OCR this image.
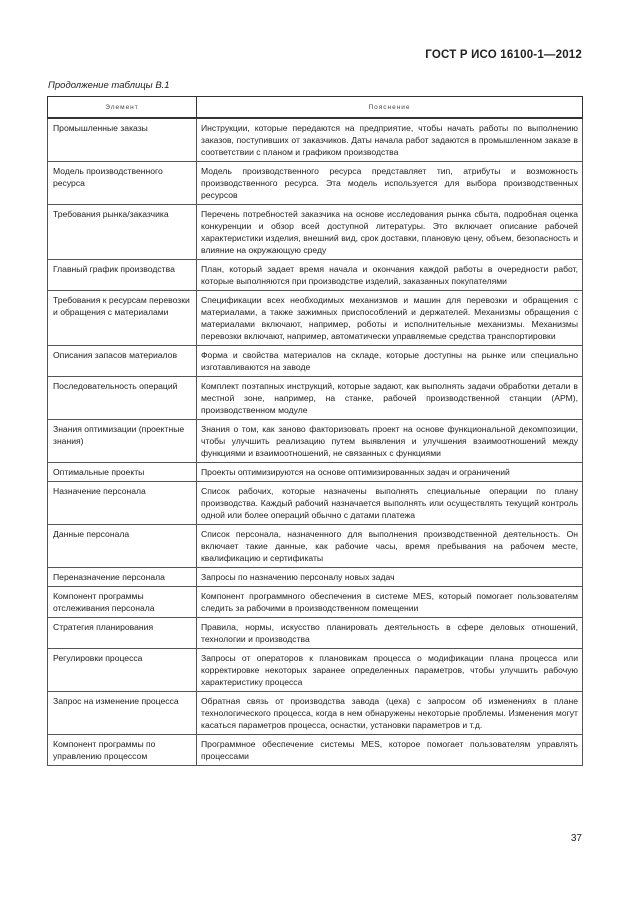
ГОСТ Р ИСО 16100-1—2012
Продолжение таблицы В.1
Элемент	Пояснение
Промышленные заказы	Инструкции, которые передаются на предприятие, чтобы начать работы по выполнению заказов, поступивших от заказчиков. Даты начала работ задаются в промышленном заказе в соответствии с планом и графиком производства
Модель производственного ресурса	Модель производственного ресурса представляет тип, атрибуты и возможность производственного ресурса. Эта модель используется для выбора производственных ресурсов
Требования рынка/заказчика	Перечень потребностей заказчика на основе исследования рынка сбыта, подробная оценка конкуренции и обзор всей доступной литературы. Это включает описание рабочей характеристики изделия, внешний вид, срок доставки, плановую цену, объем, безопасность и влияние на окружающую среду
Главный график производства	План, который задает время начала и окончания каждой работы в очередности работ, которые выполняются при производстве изделий, заказанных покупателями
Требования к ресурсам перевозки и обращения с материалами	Спецификации всех необходимых механизмов и машин для перевозки и обращения с материалами, а также зажимных приспособлений и держателей. Механизмы обращения с материалами включают, например, роботы и исполнительные механизмы. Механизмы перевозки включают, например, автоматически управляемые средства транспортировки
Описания запасов материалов	Форма и свойства материалов на складе, которые доступны на рынке или специально изготавливаются на заводе
Последовательность операций	Комплект поэтапных инструкций, которые задают, как выполнять задачи обработки детали в местной зоне, например, на станке, рабочей производственной станции (АРМ), производственном модуле
Знания оптимизации (проектные знания)	Знания о том, как заново факторизовать проект на основе функциональной декомпозиции, чтобы улучшить реализацию путем выявления и улучшения взаимоотношений между функциями и взаимоотношений, не связанных с функциями
Оптимальные проекты	Проекты оптимизируются на основе оптимизированных задач и ограничений
Назначение персонала	Список рабочих, которые назначены выполнять специальные операции по плану производства. Каждый рабочий назначается выполнять или осуществлять текущий контроль одной или более операций обычно с датами платежа
Данные персонала	Список персонала, назначенного для выполнения производственной деятельность. Он включает такие данные, как рабочие часы, время пребывания на рабочем месте, квалификацию и сертификаты
Переназначение персонала	Запросы по назначению персоналу новых задач
Компонент программы отслеживания персонала	Компонент программного обеспечения в системе MES, который помогает пользователям следить за рабочими в производственном помещении
Стратегия планирования	Правила, нормы, искусство планировать деятельность в сфере деловых отношений, технологии и производства
Регулировки процесса	Запросы от операторов к плановикам процесса о модификации плана процесса или корректировке некоторых заранее определенных параметров, чтобы улучшить рабочую характеристику процесса
Запрос на изменение процесса	Обратная связь от производства завода (цеха) с запросом об изменениях в плане технологического процесса, когда в нем обнаружены некоторые проблемы. Изменения могут касаться параметров процесса, оснастки, установки параметров и т.д.
Компонент программы по управлению процессом	Программное обеспечение системы MES, которое помогает пользователям управлять процессами
37
